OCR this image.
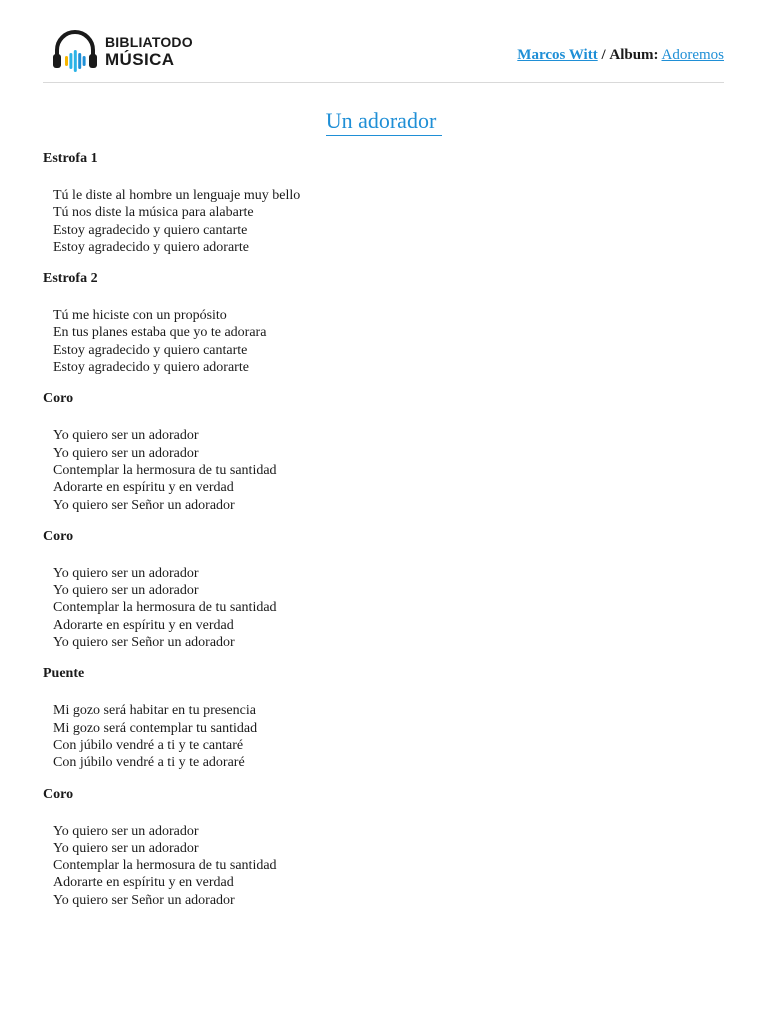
BIBLIATODO
MÚSICA	Marcos Witt / Album: Adoremos
Un adorador

Estrofa 1

Tú le diste al hombre un lenguaje muy bello

Tú nos diste la música para alabarte

Estoy agradecido y quiero cantarte

Estoy agradecido y quiero adorarte

Estrofa 2

Tú me hiciste con un propósito

En tus planes estaba que yo te adorara

Estoy agradecido y quiero cantarte

Estoy agradecido y quiero adorarte

Coro

Yo quiero ser un adorador

Yo quiero ser un adorador

Contemplar la hermosura de tu santidad

Adorarte en espíritu y en verdad

Yo quiero ser Señor un adorador

Coro

Yo quiero ser un adorador

Yo quiero ser un adorador

Contemplar la hermosura de tu santidad

Adorarte en espíritu y en verdad

Yo quiero ser Señor un adorador

Puente

Mi gozo será habitar en tu presencia

Mi gozo será contemplar tu santidad

Con júbilo vendré a ti y te cantaré

Con júbilo vendré a ti y te adoraré

Coro

Yo quiero ser un adorador

Yo quiero ser un adorador

Contemplar la hermosura de tu santidad

Adorarte en espíritu y en verdad

Yo quiero ser Señor un adorador
